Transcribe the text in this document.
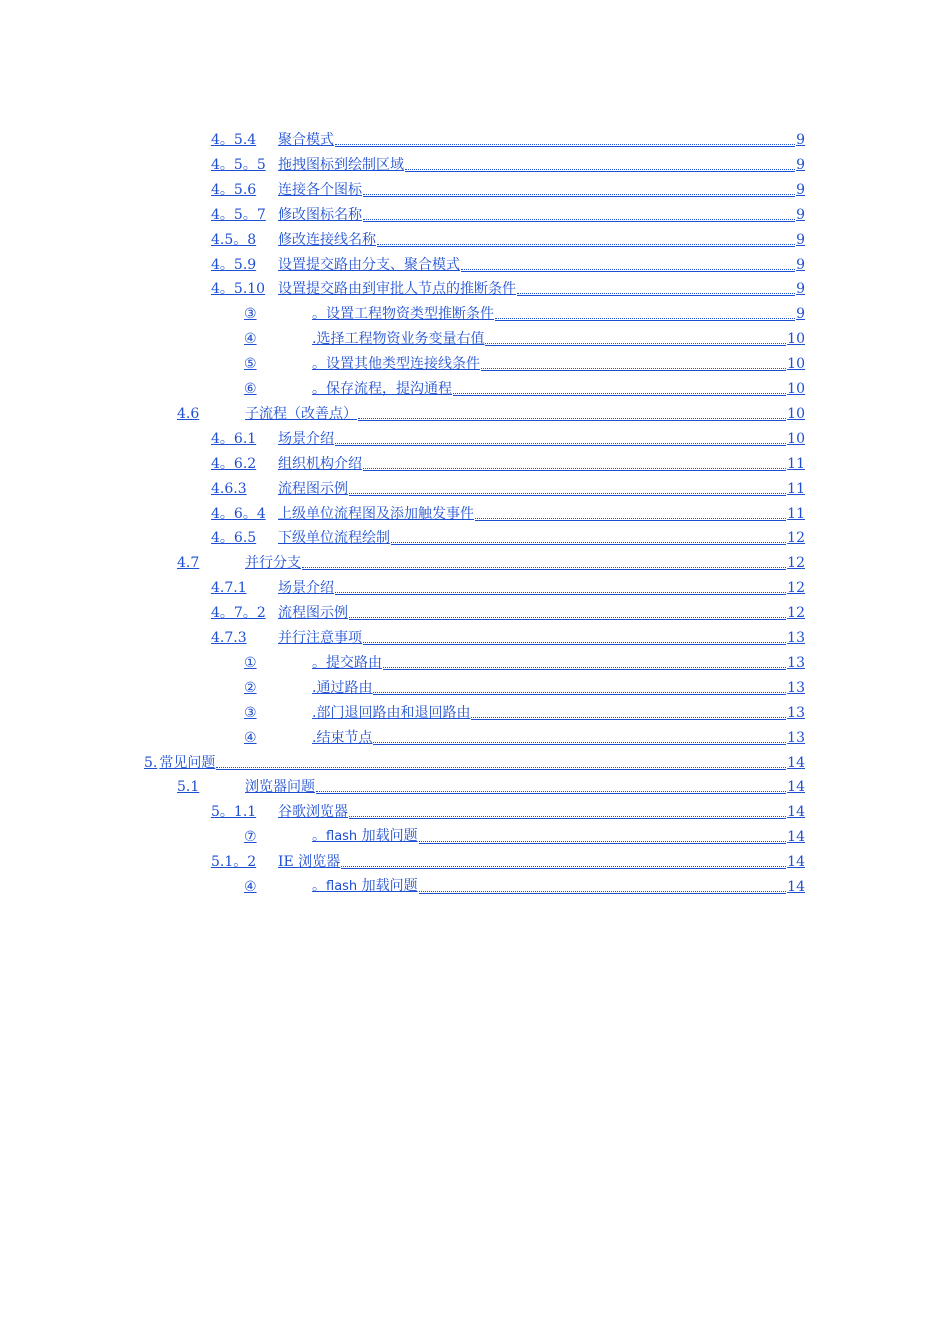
4。5.4	聚合模式	9
4。5。5 拖拽图标到绘制区域	9
4。5.6	连接各个图标	9
4。5。7 修改图标名称	9
4.5。8	修改连接线名称	9
4。5.9	设置提交路由分支、聚合模式	9
4。5.10 设置提交路由到审批人节点的推断条件	9
③	。设置工程物资类型推断条件	9
④	.选择工程物资业务变量右值	10
⑤	。设置其他类型连接线条件	10
⑥	。保存流程，提沟通程	10
4.6	子流程（改善点）	10
4。6.1	场景介绍	10
4。6.2	组织机构介绍	11
4.6.3	流程图示例	11
4。6。4 上级单位流程图及添加触发事件	11
4。6.5	下级单位流程绘制	12
4.7	并行分支	12
4.7.1	场景介绍	12
4。7。2 流程图示例	12
4.7.3	并行注意事项	13
①	。提交路由	13
②	.通过路由	13
③	.部门退回路由和退回路由	13
④	.结束节点	13
5. 常见问题	14
5.1	浏览器问题	14
5。1.1	谷歌浏览器	14
⑦	。flash 加载问题	14
5.1。2	IE 浏览器	14
④	。flash 加载问题	14
